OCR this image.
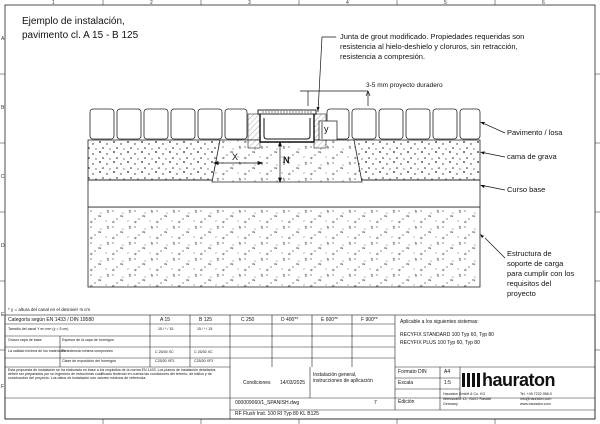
1	2	3	4	5	6
A
B
C
D
E
F
Ejemplo de instalación,
pavimento cl. A 15 - B 125	Junta de grout modificado. Propiedades requeridas son
resistencia al hielo-deshielo y cloruros, sin retracción,
resistencia a compresión.
3-5 mm proyecto duradero
Pavimento / losa
cama de grava
Curso base
Estructura de
soporte de carga
para cumplir con los
requisitos del
proyecto
X	N
y
* y = altura del canal en el desnivel -5 cm
Categoría según EN 1433 / DIN 19580	A 15	B 125	C 250	D 400**	E 600**	F 900**
Tamaño del canal Y en mm (y = 5 cm)	15 / * / 15	15 / * / 15
Grosor capa de base	Espesor de la capa de hormigón
La calidad mínima de los materiales
Resistencia mínima compresión	C 25/30 XC	C 25/30 XC
Clase de exposición del hormigón	C25/30 XF3	C25/30 XF3
Aplicable a los siguientes sistemas:
RECYFIX STANDARD 100 Typ 60, Typ 80
RECYFIX PLUS 100 Typ 60, Typ 80
Esta propuesta de instalación se ha elaborado en base a los requisitos de la norma EN 1433. Los planos de instalación detallados deben ser preparados por un ingeniero de estructuras cualificado teniendo en cuenta las condiciones del terreno, de tráfico y de construcción del proyecto. Los datos de instalación son valores mínimos de referencia.
Condiciones 14/03/2025
Instalación general,
instrucciones de aplicación
000009060/1_SPANISH.dwg	7
RF Flush Inst. 100 RI Typ 80 KL B125
Formato DIN	A4
Escala	1:5
Edición
hauraton
Hauraton GmbH & Co. KG
Werkstraße 13, 76437 Rastatt
Germany
Tel. +49 7222 958-0
info@hauraton.com
www.hauraton.com
